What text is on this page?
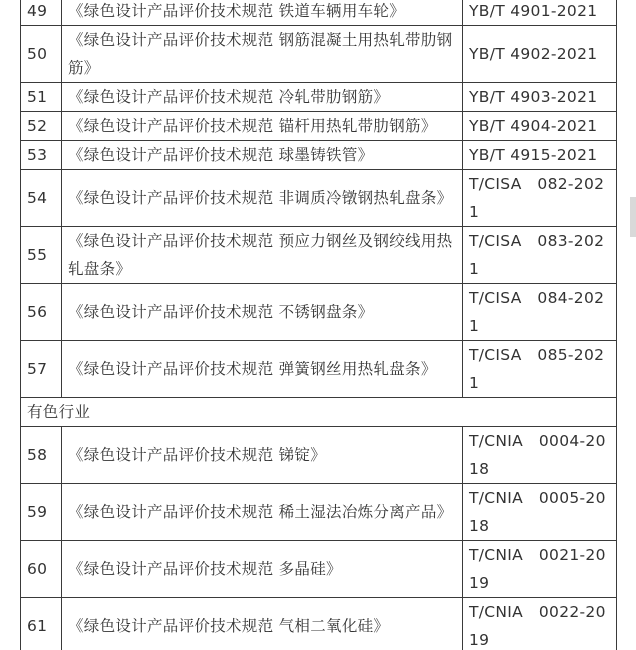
49	《绿色设计产品评价技术规范 铁道车辆用车轮》	YB/T 4901-2021
50	《绿色设计产品评价技术规范 钢筋混凝土用热轧带肋钢筋》	YB/T 4902-2021
51	《绿色设计产品评价技术规范 冷轧带肋钢筋》	YB/T 4903-2021
52	《绿色设计产品评价技术规范 锚杆用热轧带肋钢筋》	YB/T 4904-2021
53	《绿色设计产品评价技术规范 球墨铸铁管》	YB/T 4915-2021
54	《绿色设计产品评价技术规范 非调质冷镦钢热轧盘条》	T/CISA　082-2021
55	《绿色设计产品评价技术规范 预应力钢丝及钢绞线用热轧盘条》	T/CISA　083-2021
56	《绿色设计产品评价技术规范 不锈钢盘条》	T/CISA　084-2021
57	《绿色设计产品评价技术规范 弹簧钢丝用热轧盘条》	T/CISA　085-2021
有色行业		
58	《绿色设计产品评价技术规范 锑锭》	T/CNIA　0004-2018
59	《绿色设计产品评价技术规范 稀土湿法冶炼分离产品》	T/CNIA　0005-2018
60	《绿色设计产品评价技术规范 多晶硅》	T/CNIA　0021-2019
61	《绿色设计产品评价技术规范 气相二氧化硅》	T/CNIA　0022-2019
